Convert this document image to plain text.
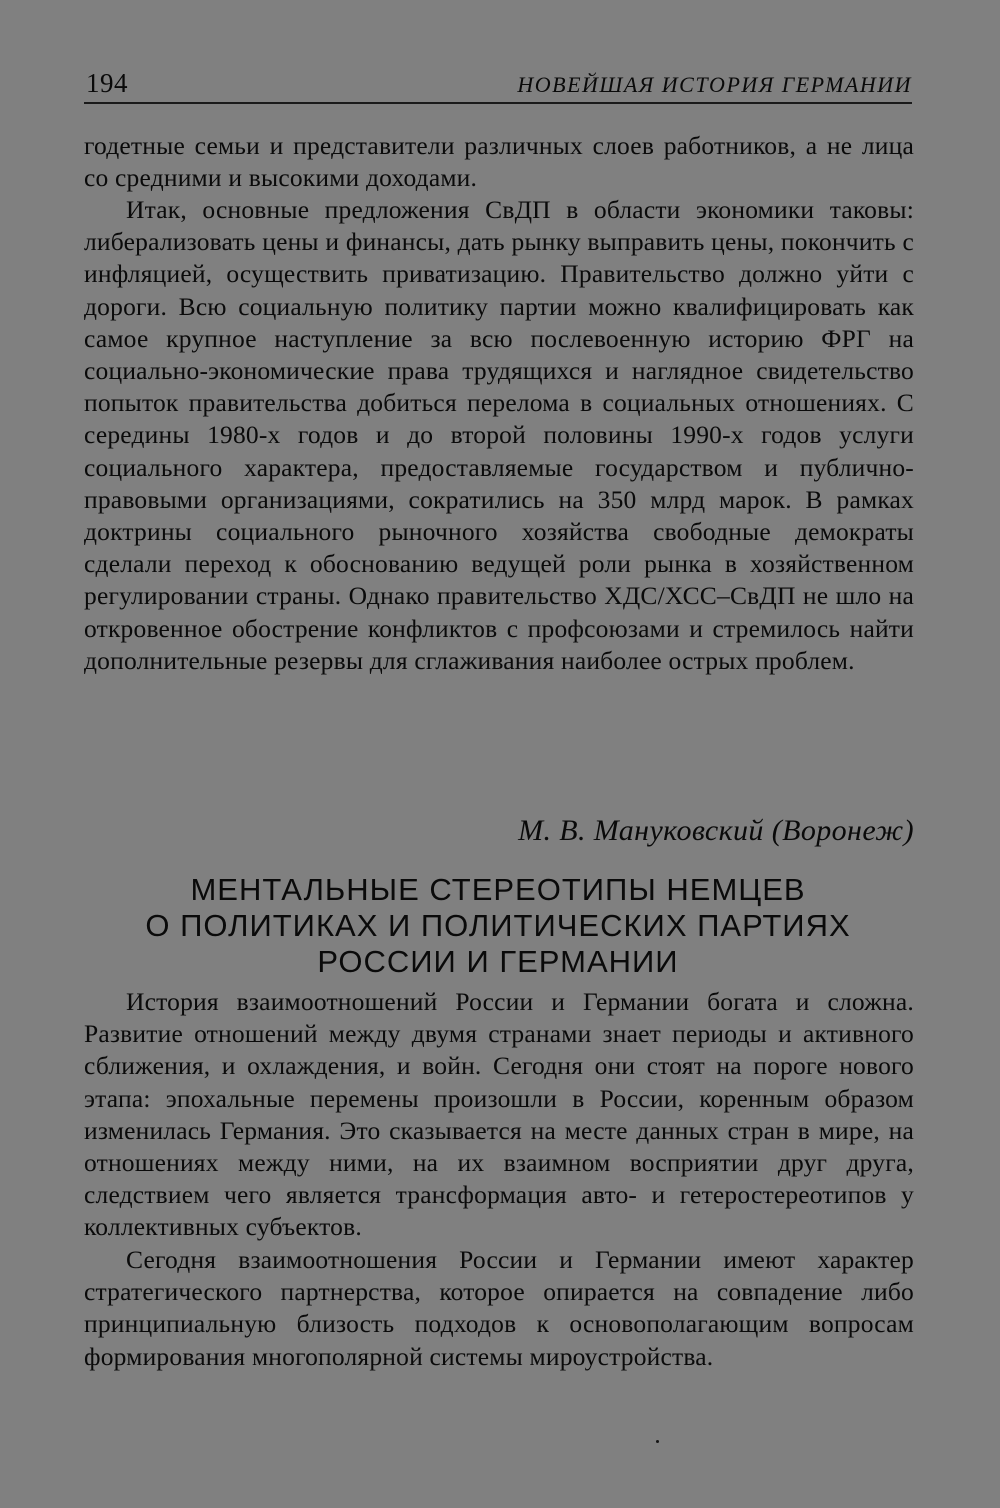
194	НОВЕЙШАЯ ИСТОРИЯ ГЕРМАНИИ

годетные семьи и представители различных слоев работников, а не лица со средними и высокими доходами.

Итак, основные предложения СвДП в области экономики таковы: либерализовать цены и финансы, дать рынку выправить цены, покончить с инфляцией, осуществить приватизацию. Правительство должно уйти с дороги. Всю социальную политику партии можно квалифицировать как самое крупное наступление за всю послевоенную историю ФРГ на социально-экономические права трудящихся и наглядное свидетельство попыток правительства добиться перелома в социальных отношениях. С середины 1980-х годов и до второй половины 1990-х годов услуги социального характера, предоставляемые государством и публично-правовыми организациями, сократились на 350 млрд марок. В рамках доктрины социального рыночного хозяйства свободные демократы сделали переход к обоснованию ведущей роли рынка в хозяйственном регулировании страны. Однако правительство ХДС/ХСС–СвДП не шло на откровенное обострение конфликтов с профсоюзами и стремилось найти дополнительные резервы для сглаживания наиболее острых проблем.

М. В. Мануковский (Воронеж)
МЕНТАЛЬНЫЕ СТЕРЕОТИПЫ НЕМЦЕВ
О ПОЛИТИКАХ И ПОЛИТИЧЕСКИХ ПАРТИЯХ
РОССИИ И ГЕРМАНИИ

История взаимоотношений России и Германии богата и сложна. Развитие отношений между двумя странами знает периоды и активного сближения, и охлаждения, и войн. Сегодня они стоят на пороге нового этапа: эпохальные перемены произошли в России, коренным образом изменилась Германия. Это сказывается на месте данных стран в мире, на отношениях между ними, на их взаимном восприятии друг друга, следствием чего является трансформация авто- и гетеростереотипов у коллективных субъектов.

Сегодня взаимоотношения России и Германии имеют характер стратегического партнерства, которое опирается на совпадение либо принципиальную близость подходов к основополагающим вопросам формирования многополярной системы мироустройства.
